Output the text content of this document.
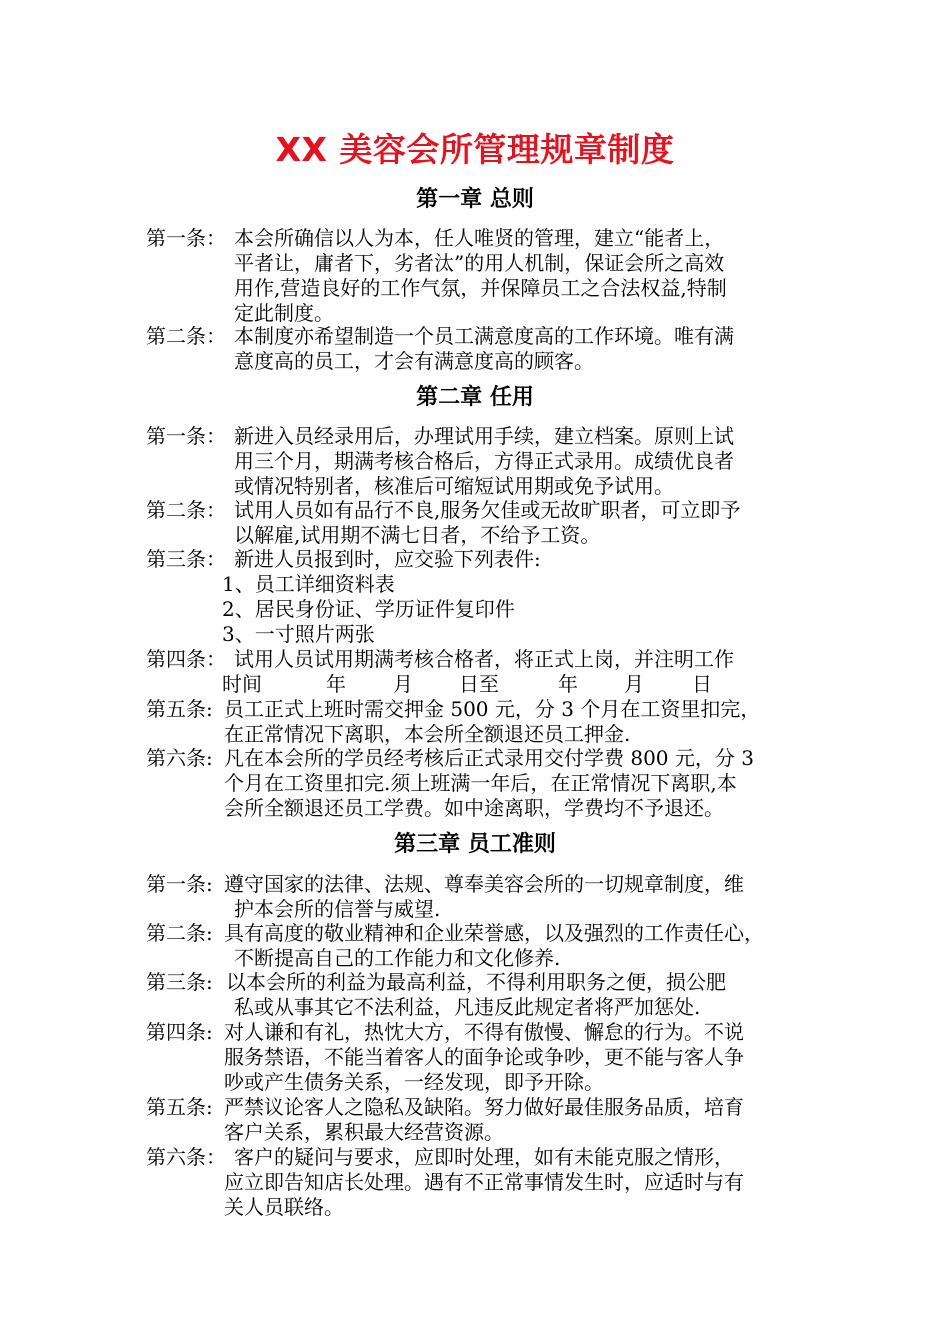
XX 美容会所管理规章制度
第一章 总则
第一条： 本会所确信以人为本，任人唯贤的管理，建立“能者上，
平者让，庸者下，劣者汰”的用人机制，保证会所之高效
用作,营造良好的工作气氛，并保障员工之合法权益,特制
定此制度。
第二条： 本制度亦希望制造一个员工满意度高的工作环境。唯有满
意度高的员工，才会有满意度高的顾客。
第二章 任用
第一条： 新进入员经录用后，办理试用手续，建立档案。原则上试
用三个月，期满考核合格后，方得正式录用。成绩优良者
或情况特别者，核准后可缩短试用期或免予试用。
第二条： 试用人员如有品行不良,服务欠佳或无故旷职者，可立即予
以解雇,试用期不满七日者，不给予工资。
第三条： 新进人员报到时，应交验下列表件:
1、员工详细资料表
2、居民身份证、学历证件复印件
3、一寸照片两张
第四条： 试用人员试用期满考核合格者，将正式上岗，并注明工作
时间	年 月 日至	年 月 日
第五条: 员工正式上班时需交押金 500 元，分 3 个月在工资里扣完，
在正常情况下离职，本会所全额退还员工押金.
第六条: 凡在本会所的学员经考核后正式录用交付学费 800 元，分 3
个月在工资里扣完.须上班满一年后，在正常情况下离职,本
会所全额退还员工学费。如中途离职，学费均不予退还。
第三章 员工准则
第一条: 遵守国家的法律、法规、尊奉美容会所的一切规章制度，维
护本会所的信誉与威望.
第二条: 具有高度的敬业精神和企业荣誉感，以及强烈的工作责任心，
不断提高自己的工作能力和文化修养.
第三条: 以本会所的利益为最高利益，不得利用职务之便，损公肥
私或从事其它不法利益，凡违反此规定者将严加惩处.
第四条: 对人谦和有礼，热忱大方，不得有傲慢、懈怠的行为。不说
服务禁语，不能当着客人的面争论或争吵，更不能与客人争
吵或产生债务关系，一经发现，即予开除。
第五条: 严禁议论客人之隐私及缺陷。努力做好最佳服务品质，培育
客户关系，累积最大经营资源。
第六条： 客户的疑问与要求，应即时处理，如有未能克服之情形，
应立即告知店长处理。遇有不正常事情发生时，应适时与有
关人员联络。
